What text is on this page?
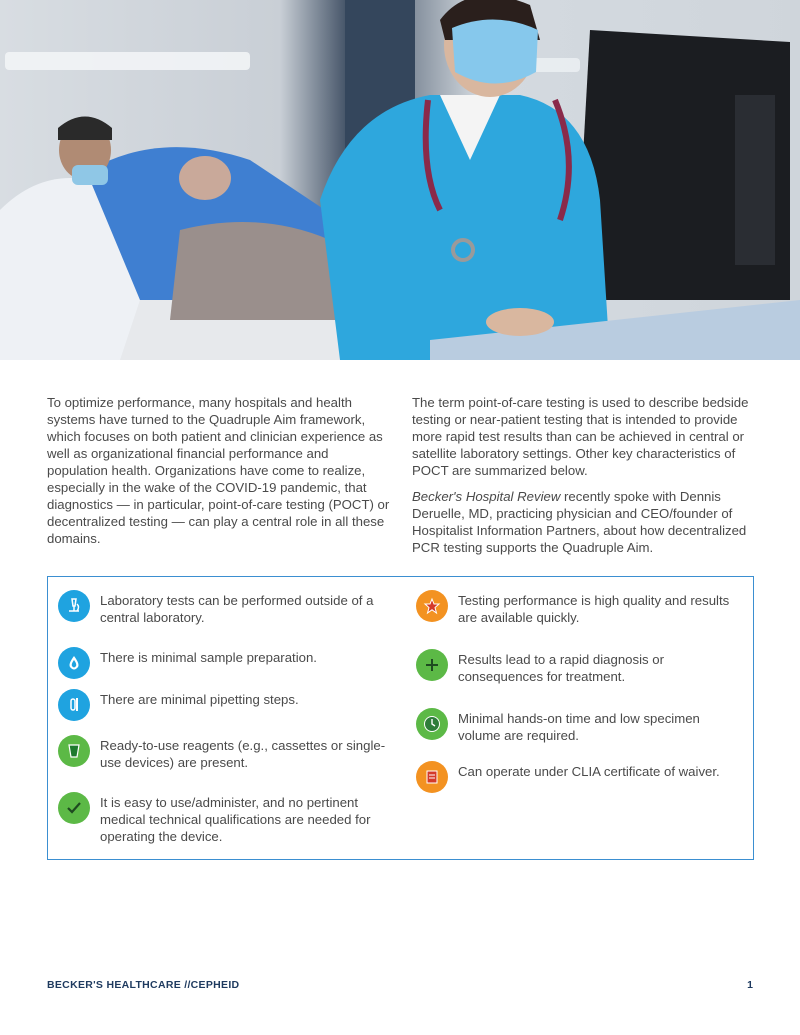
To optimize performance, many hospitals and health systems have turned to the Quadruple Aim framework, which focuses on both patient and clinician experience as well as organizational financial performance and population health. Organizations have come to realize, especially in the wake of the COVID-19 pandemic, that diagnostics — in particular, point-of-care testing (POCT) or decentralized testing — can play a central role in all these domains.

The term point-of-care testing is used to describe bedside testing or near-patient testing that is intended to provide more rapid test results than can be achieved in central or satellite laboratory settings. Other key characteristics of POCT are summarized below.

Becker's Hospital Review recently spoke with Dennis Deruelle, MD, practicing physician and CEO/founder of Hospitalist Information Partners, about how decentralized PCR testing supports the Quadruple Aim.

Laboratory tests can be performed outside of a central laboratory.
There is minimal sample preparation.
There are minimal pipetting steps.
Ready-to-use reagents (e.g., cassettes or single-use devices) are present.
It is easy to use/administer, and no pertinent medical technical qualifications are needed for operating the device.
Testing performance is high quality and results are available quickly.
Results lead to a rapid diagnosis or consequences for treatment.
Minimal hands-on time and low specimen volume are required.
Can operate under CLIA certificate of waiver.
BECKER'S HEALTHCARE //CEPHEID	1
